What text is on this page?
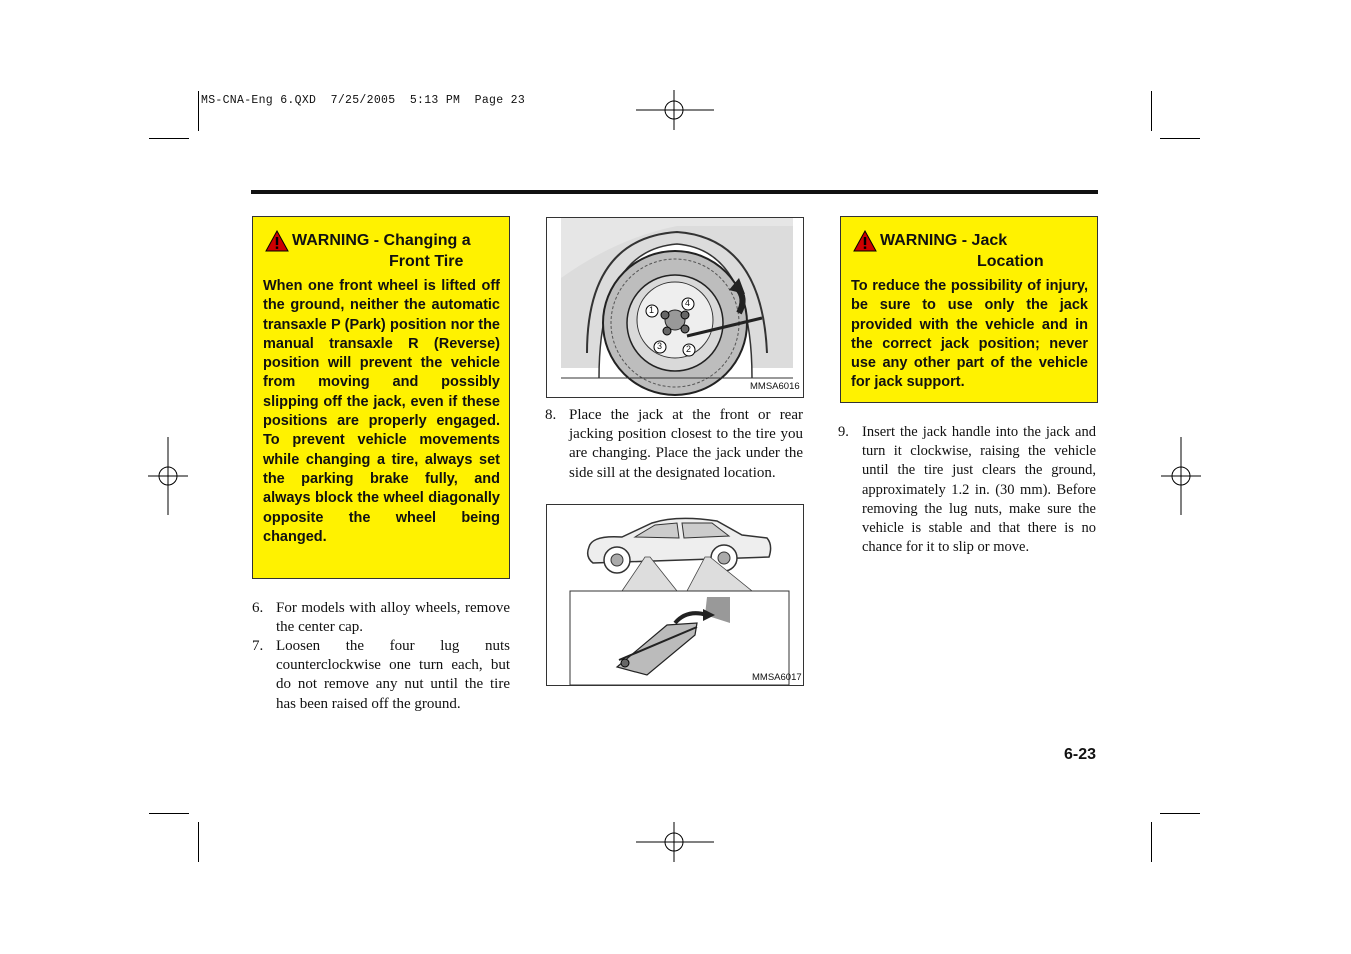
MS-CNA-Eng 6.QXD  7/25/2005  5:13 PM  Page 23
WARNING - Changing a
Front Tire
When one front wheel is lifted off the ground, neither the automatic transaxle P (Park) position nor the manual transaxle R (Reverse) position will prevent the vehicle from moving and possibly slipping off the jack, even if these positions are properly engaged. To prevent vehicle movements while changing a tire, always set the parking brake fully, and always block the wheel diagonally opposite the wheel being changed.
6. For models with alloy wheels, remove the center cap.
7. Loosen the four lug nuts counterclockwise one turn each, but do not remove any nut until the tire has been raised off the ground.
1
2
3
4
MMSA6016
8. Place the jack at the front or rear jacking position closest to the tire you are changing. Place the jack under the side sill at the designated location.
MMSA6017
WARNING - Jack
Location
To reduce the possibility of injury, be sure to use only the jack provided with the vehicle and in the correct jack position; never use any other part of the vehicle for jack support.
9. Insert the jack handle into the jack and turn it clockwise, raising the vehicle until the tire just clears the ground, approximately 1.2 in. (30 mm). Before removing the lug nuts, make sure the vehicle is stable and that there is no chance for it to slip or move.
6-23
